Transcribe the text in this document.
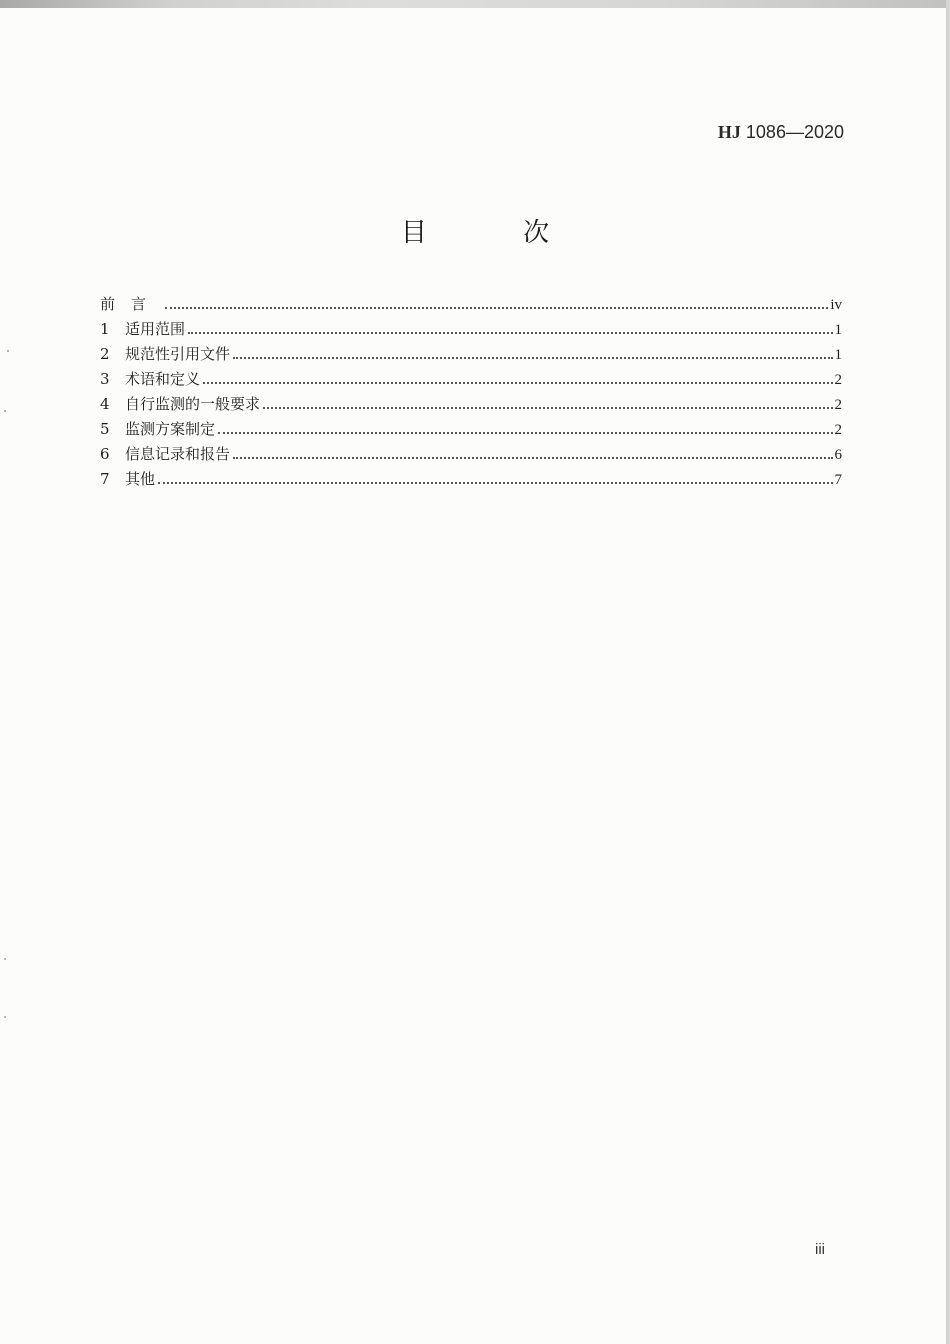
HJ 1086—2020
目 次
前言	iv
1	适用范围	1
2	规范性引用文件	1
3	术语和定义	2
4	自行监测的一般要求	2
5	监测方案制定	2
6	信息记录和报告	6
7	其他	7
iii
